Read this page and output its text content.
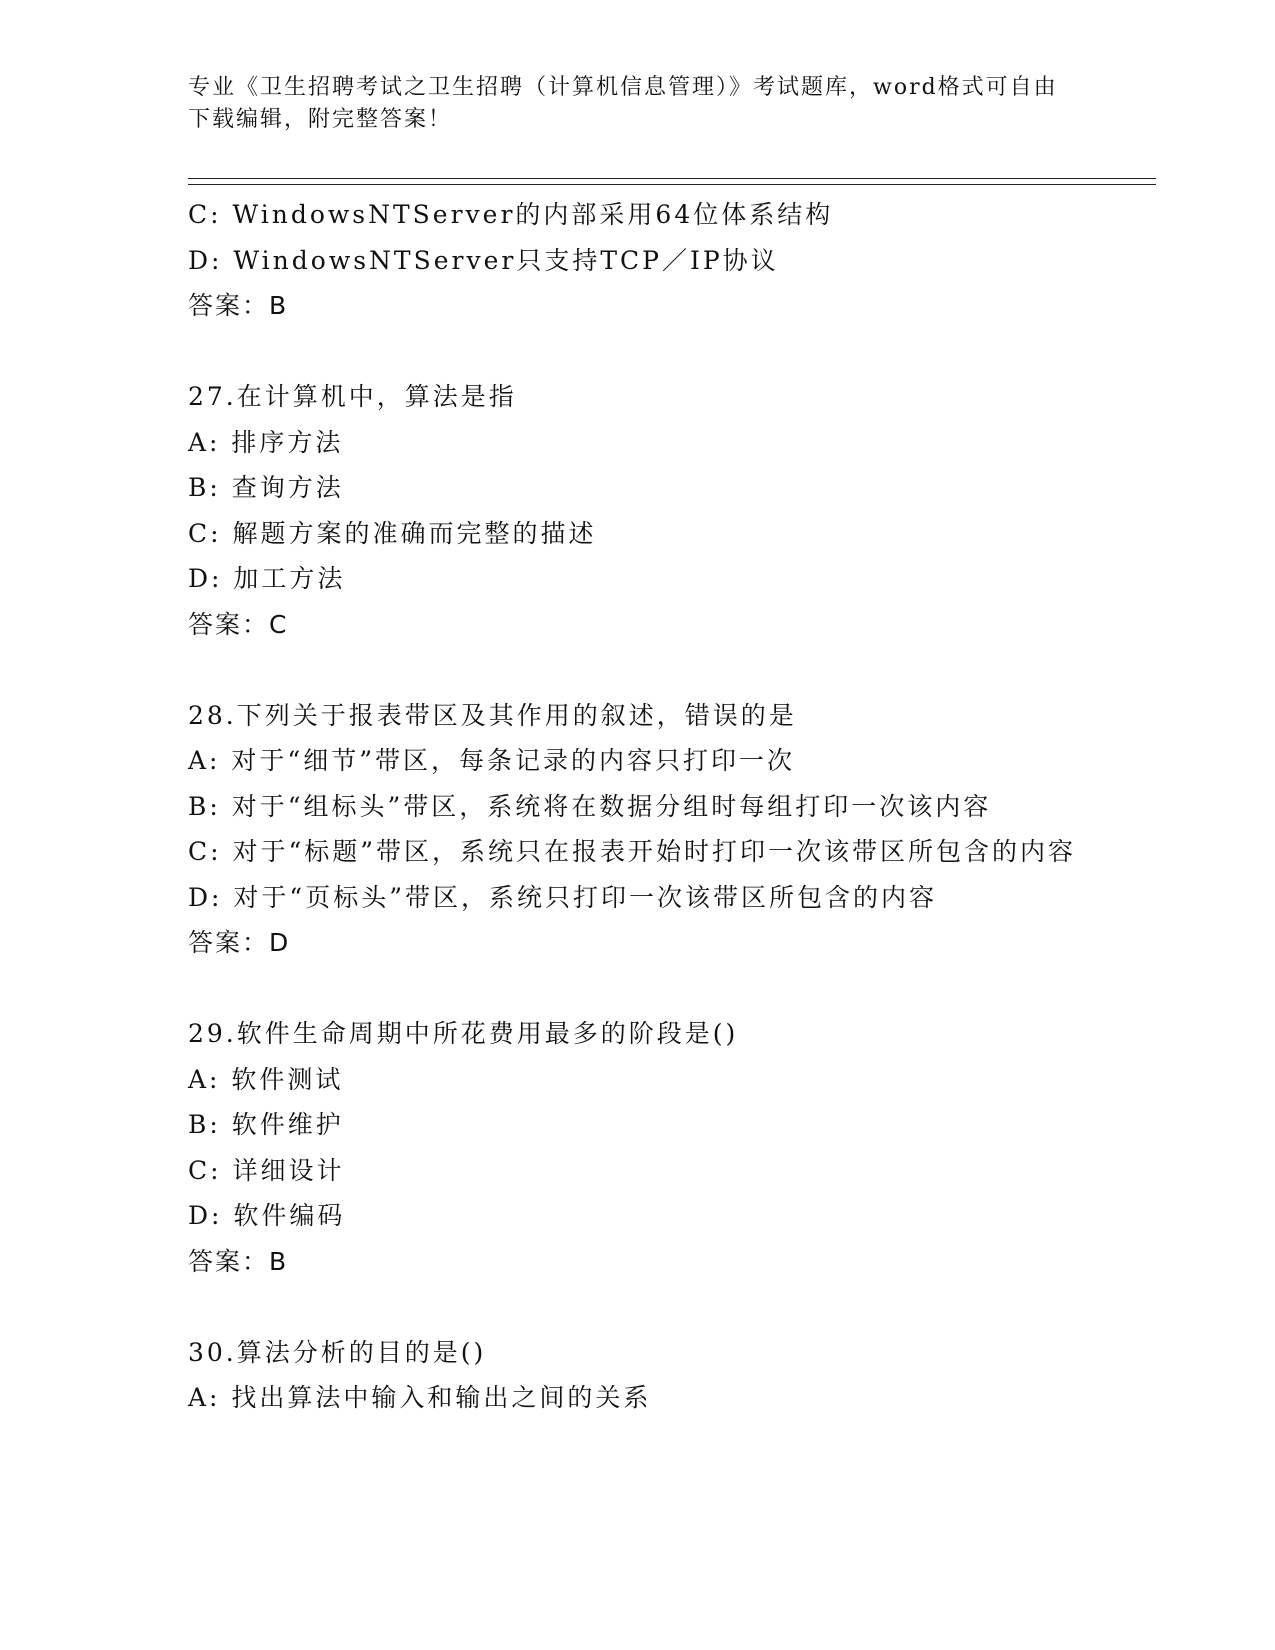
专业《卫生招聘考试之卫生招聘（计算机信息管理）》考试题库，word格式可自由下载编辑，附完整答案！
C: WindowsNTServer的内部采用64位体系结构
D: WindowsNTServer只支持TCP／IP协议
答案：B
27.在计算机中，算法是指
A: 排序方法
B: 查询方法
C: 解题方案的准确而完整的描述
D: 加工方法
答案：C
28.下列关于报表带区及其作用的叙述，错误的是
A: 对于“细节”带区，每条记录的内容只打印一次
B: 对于“组标头”带区，系统将在数据分组时每组打印一次该内容
C: 对于“标题”带区，系统只在报表开始时打印一次该带区所包含的内容
D: 对于“页标头”带区，系统只打印一次该带区所包含的内容
答案：D
29.软件生命周期中所花费用最多的阶段是()
A: 软件测试
B: 软件维护
C: 详细设计
D: 软件编码
答案：B
30.算法分析的目的是()
A: 找出算法中输入和输出之间的关系
